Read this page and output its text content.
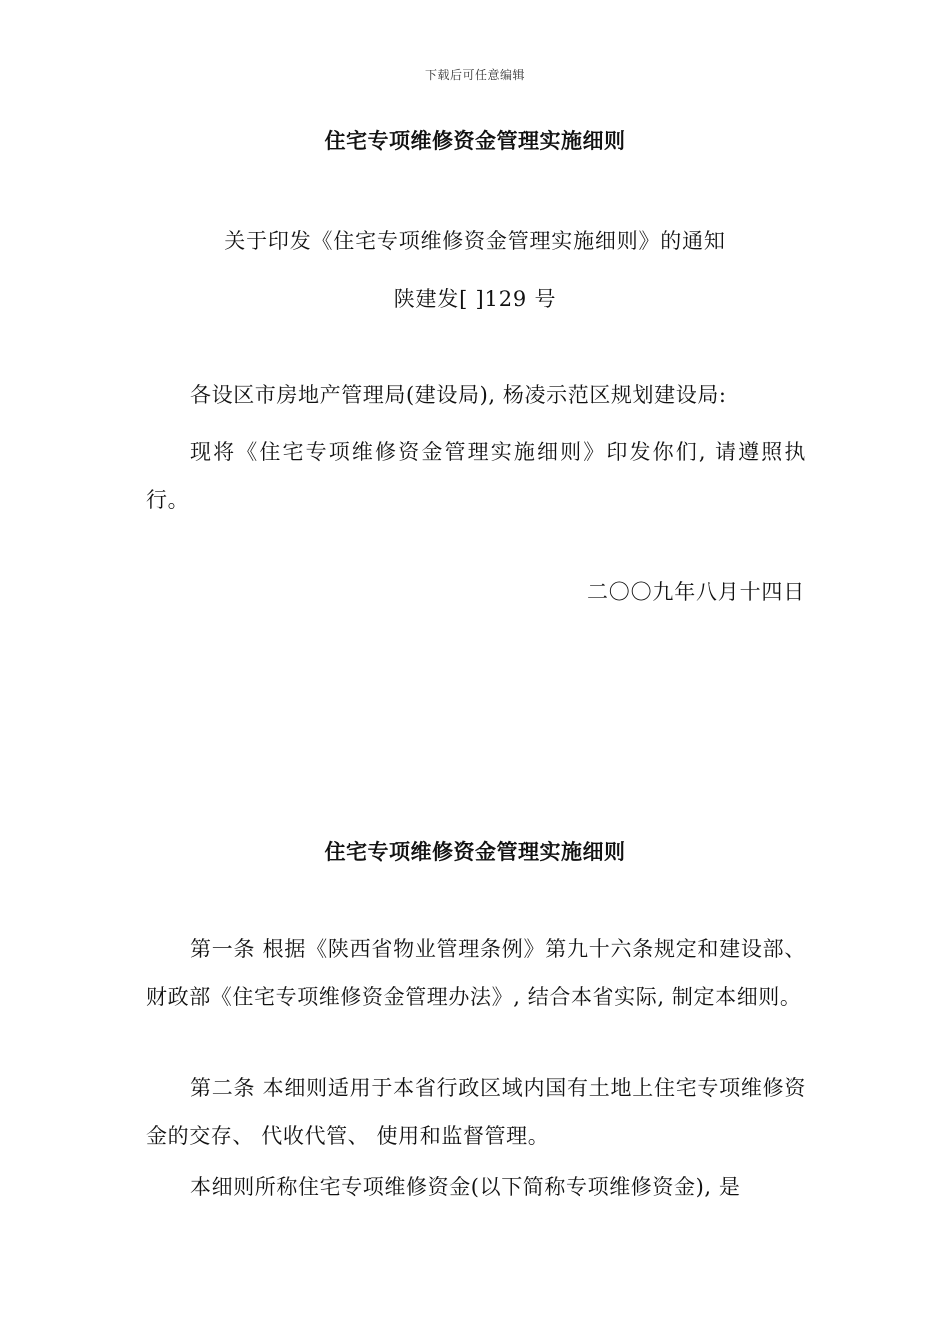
下载后可任意编辑
住宅专项维修资金管理实施细则
关于印发《住宅专项维修资金管理实施细则》的通知
陕建发[ ]129 号
各设区市房地产管理局(建设局), 杨凌示范区规划建设局:

现将《住宅专项维修资金管理实施细则》印发你们, 请遵照执行。

二〇〇九年八月十四日
住宅专项维修资金管理实施细则

第一条 根据《陕西省物业管理条例》第九十六条规定和建设部、 财政部《住宅专项维修资金管理办法》, 结合本省实际, 制定本细则。

第二条 本细则适用于本省行政区域内国有土地上住宅专项维修资金的交存、 代收代管、 使用和监督管理。

本细则所称住宅专项维修资金(以下简称专项维修资金), 是
